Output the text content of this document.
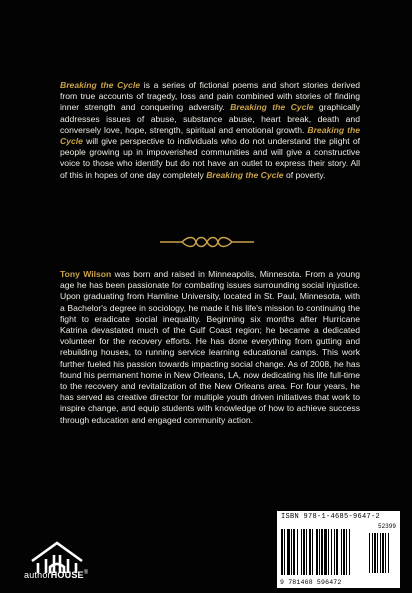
Breaking the Cycle is a series of fictional poems and short stories derived from true accounts of tragedy, loss and pain combined with stories of finding inner strength and conquering adversity. Breaking the Cycle graphically addresses issues of abuse, substance abuse, heart break, death and conversely love, hope, strength, spiritual and emotional growth. Breaking the Cycle will give perspective to individuals who do not understand the plight of people growing up in impoverished communities and will give a constructive voice to those who identify but do not have an outlet to express their story. All of this in hopes of one day completely Breaking the Cycle of poverty.
Tony Wilson was born and raised in Minneapolis, Minnesota. From a young age he has been passionate for combating issues surrounding social injustice. Upon graduating from Hamline University, located in St. Paul, Minnesota, with a Bachelor's degree in sociology, he made it his life's mission to continuing the fight to eradicate social inequality. Beginning six months after Hurricane Katrina devastated much of the Gulf Coast region; he became a dedicated volunteer for the recovery efforts. He has done everything from gutting and rebuilding houses, to running service learning educational camps. This work further fueled his passion towards impacting social change. As of 2008, he has found his permanent home in New Orleans, LA, now dedicating his life full-time to the recovery and revitalization of the New Orleans area. For four years, he has served as creative director for multiple youth driven initiatives that work to inspire change, and equip students with knowledge of how to achieve success through education and engaged community action.
authorHOUSE®
ISBN 978-1-4685-9647-2
52399
9 781468 596472
